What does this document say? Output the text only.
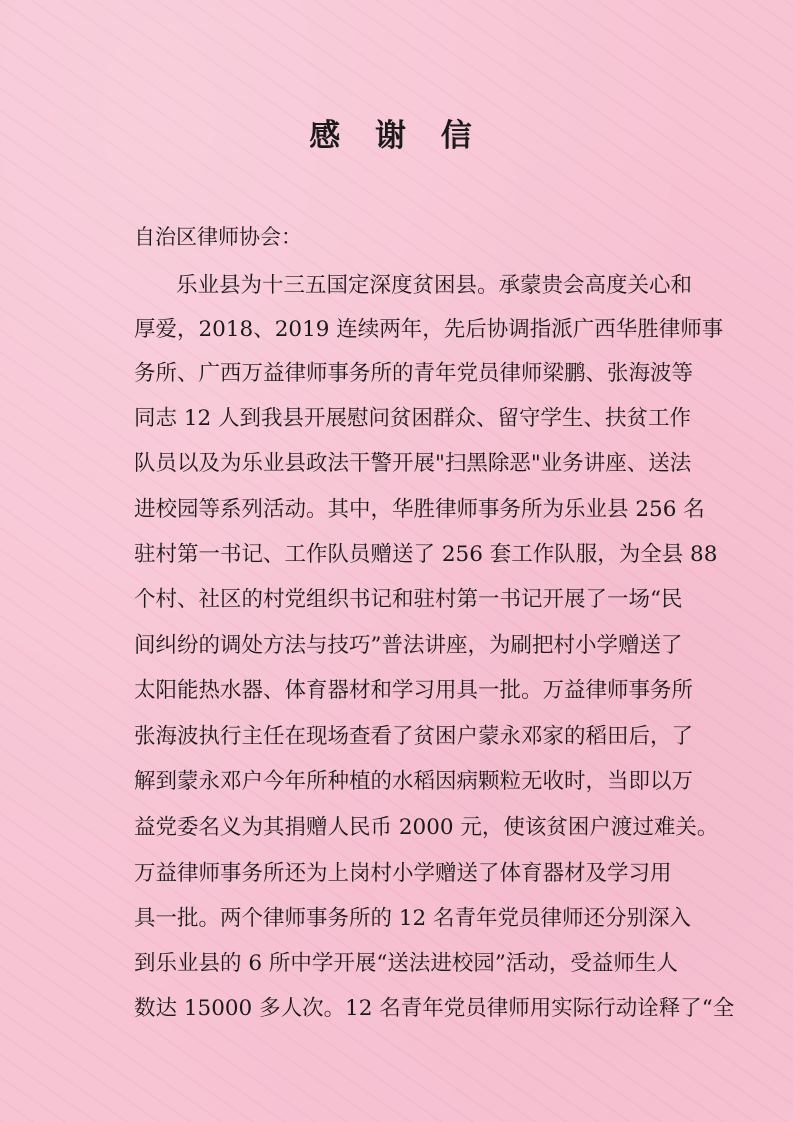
感 谢 信

自治区律师协会：

乐业县为十三五国定深度贫困县。承蒙贵会高度关心和

厚爱，2018、2019 连续两年，先后协调指派广西华胜律师事

务所、广西万益律师事务所的青年党员律师梁鹏、张海波等

同志 12 人到我县开展慰问贫困群众、留守学生、扶贫工作

队员以及为乐业县政法干警开展"扫黑除恶"业务讲座、送法

进校园等系列活动。其中，华胜律师事务所为乐业县 256 名

驻村第一书记、工作队员赠送了 256 套工作队服，为全县 88

个村、社区的村党组织书记和驻村第一书记开展了一场“民

间纠纷的调处方法与技巧”普法讲座，为刷把村小学赠送了

太阳能热水器、体育器材和学习用具一批。万益律师事务所

张海波执行主任在现场查看了贫困户蒙永邓家的稻田后，了

解到蒙永邓户今年所种植的水稻因病颗粒无收时，当即以万

益党委名义为其捐赠人民币 2000 元，使该贫困户渡过难关。

万益律师事务所还为上岗村小学赠送了体育器材及学习用

具一批。两个律师事务所的 12 名青年党员律师还分别深入

到乐业县的 6 所中学开展“送法进校园”活动，受益师生人

数达 15000 多人次。12 名青年党员律师用实际行动诠释了“全
